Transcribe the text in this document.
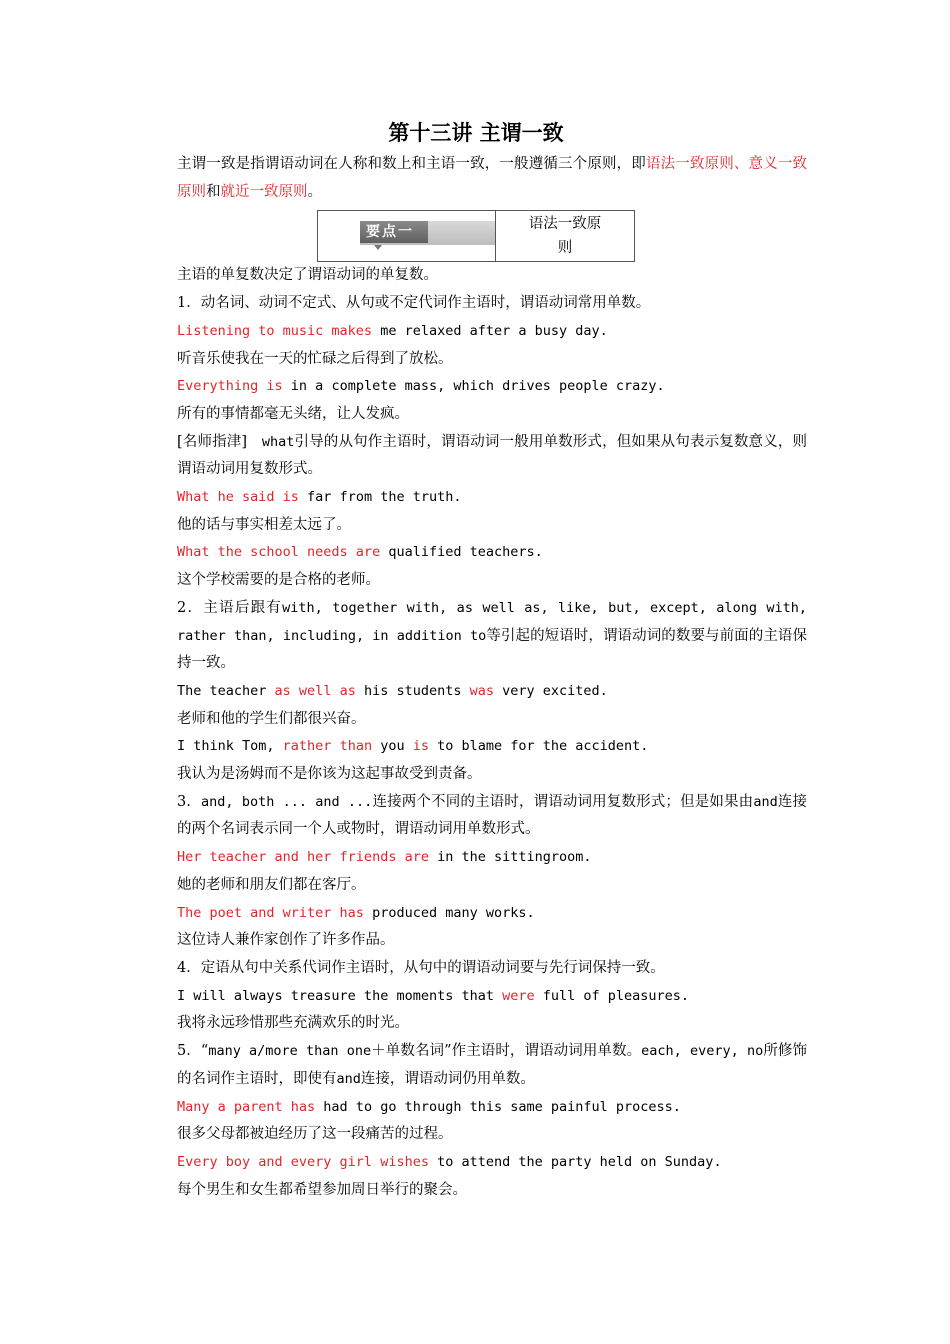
第十三讲 主谓一致
主谓一致是指谓语动词在人称和数上和主语一致，一般遵循三个原则，即语法一致原则、意义一致原则和就近一致原则。
要点一	语法一致原
则
主语的单复数决定了谓语动词的单复数。
1．动名词、动词不定式、从句或不定代词作主语时，谓语动词常用单数。
Listening to music makes me relaxed after a busy day.
听音乐使我在一天的忙碌之后得到了放松。
Everything is in a complete mass, which drives people crazy.
所有的事情都毫无头绪，让人发疯。
[名师指津]　what引导的从句作主语时，谓语动词一般用单数形式，但如果从句表示复数意义，则谓语动词用复数形式。
What he said is far from the truth.
他的话与事实相差太远了。
What the school needs are qualified teachers.
这个学校需要的是合格的老师。
2．主语后跟有with, together with, as well as, like, but, except, along with, rather than, including, in addition to等引起的短语时，谓语动词的数要与前面的主语保持一致。
The teacher as well as his students was very excited.
老师和他的学生们都很兴奋。
I think Tom, rather than you is to blame for the accident.
我认为是汤姆而不是你该为这起事故受到责备。
3．and, both ... and ...连接两个不同的主语时，谓语动词用复数形式；但是如果由and连接的两个名词表示同一个人或物时，谓语动词用单数形式。
Her teacher and her friends are in the sittingroom.
她的老师和朋友们都在客厅。
The poet and writer has produced many works.
这位诗人兼作家创作了许多作品。
4．定语从句中关系代词作主语时，从句中的谓语动词要与先行词保持一致。
I will always treasure the moments that were full of pleasures.
我将永远珍惜那些充满欢乐的时光。
5．“many a/more than one＋单数名词”作主语时，谓语动词用单数。each, every, no所修饰的名词作主语时，即使有and连接，谓语动词仍用单数。
Many a parent has had to go through this same painful process.
很多父母都被迫经历了这一段痛苦的过程。
Every boy and every girl wishes to attend the party held on Sunday.
每个男生和女生都希望参加周日举行的聚会。
